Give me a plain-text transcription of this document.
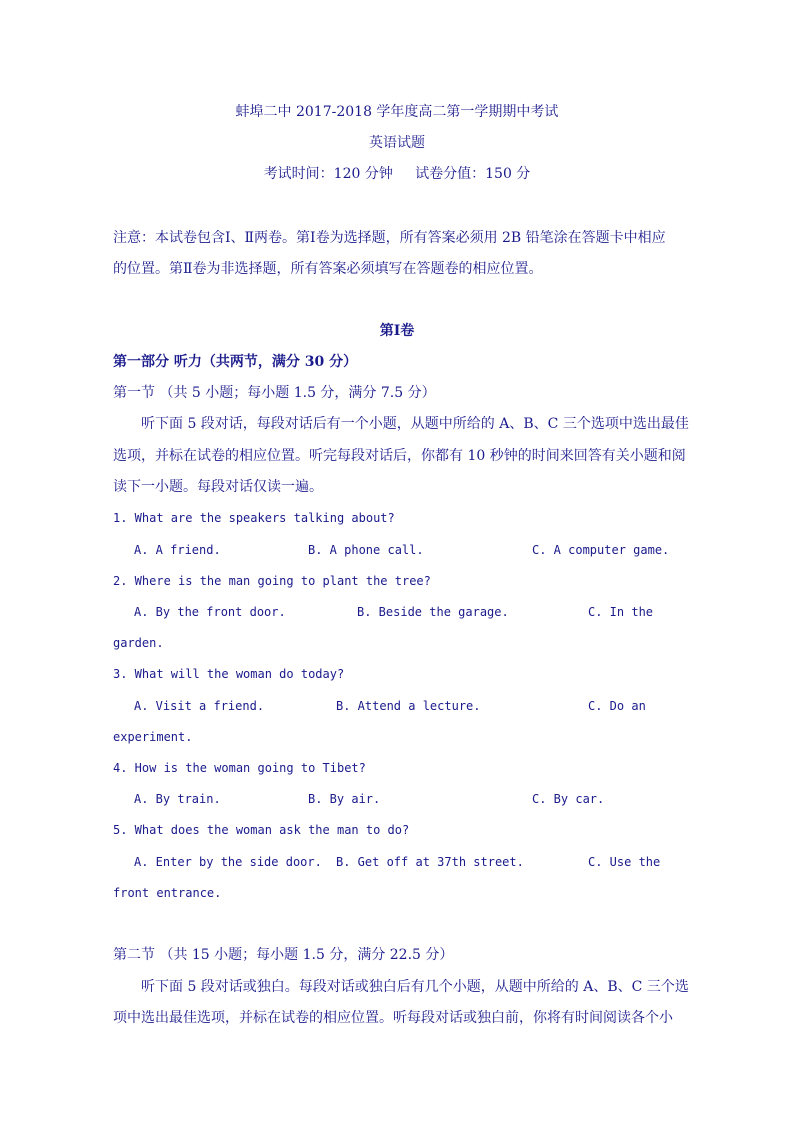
蚌埠二中 2017-2018 学年度高二第一学期期中考试
英语试题
考试时间：120 分钟 试卷分值：150 分
注意：本试卷包含Ⅰ、Ⅱ两卷。第Ⅰ卷为选择题，所有答案必须用 2B 铅笔涂在答题卡中相应
的位置。第Ⅱ卷为非选择题，所有答案必须填写在答题卷的相应位置。
第Ⅰ卷
第一部分 听力（共两节，满分 30 分）
第一节 （共 5 小题；每小题 1.5 分，满分 7.5 分）
听下面 5 段对话，每段对话后有一个小题，从题中所给的 A、B、C 三个选项中选出最佳
选项，并标在试卷的相应位置。听完每段对话后，你都有 10 秒钟的时间来回答有关小题和阅
读下一小题。每段对话仅读一遍。
1. What are the speakers talking about?
A. A friend.	B. A phone call.	C. A computer game.
2. Where is the man going to plant the tree?
A. By the front door.	B. Beside the garage.	C. In the
garden.
3. What will the woman do today?
A. Visit a friend.	B. Attend a lecture.	C. Do an
experiment.
4. How is the woman going to Tibet?
A. By train.	B. By air.	C. By car.
5. What does the woman ask the man to do?
A. Enter by the side door. B. Get off at 37th street.	C. Use the
front entrance.
第二节 （共 15 小题；每小题 1.5 分，满分 22.5 分）
听下面 5 段对话或独白。每段对话或独白后有几个小题，从题中所给的 A、B、C 三个选
项中选出最佳选项，并标在试卷的相应位置。听每段对话或独白前，你将有时间阅读各个小
